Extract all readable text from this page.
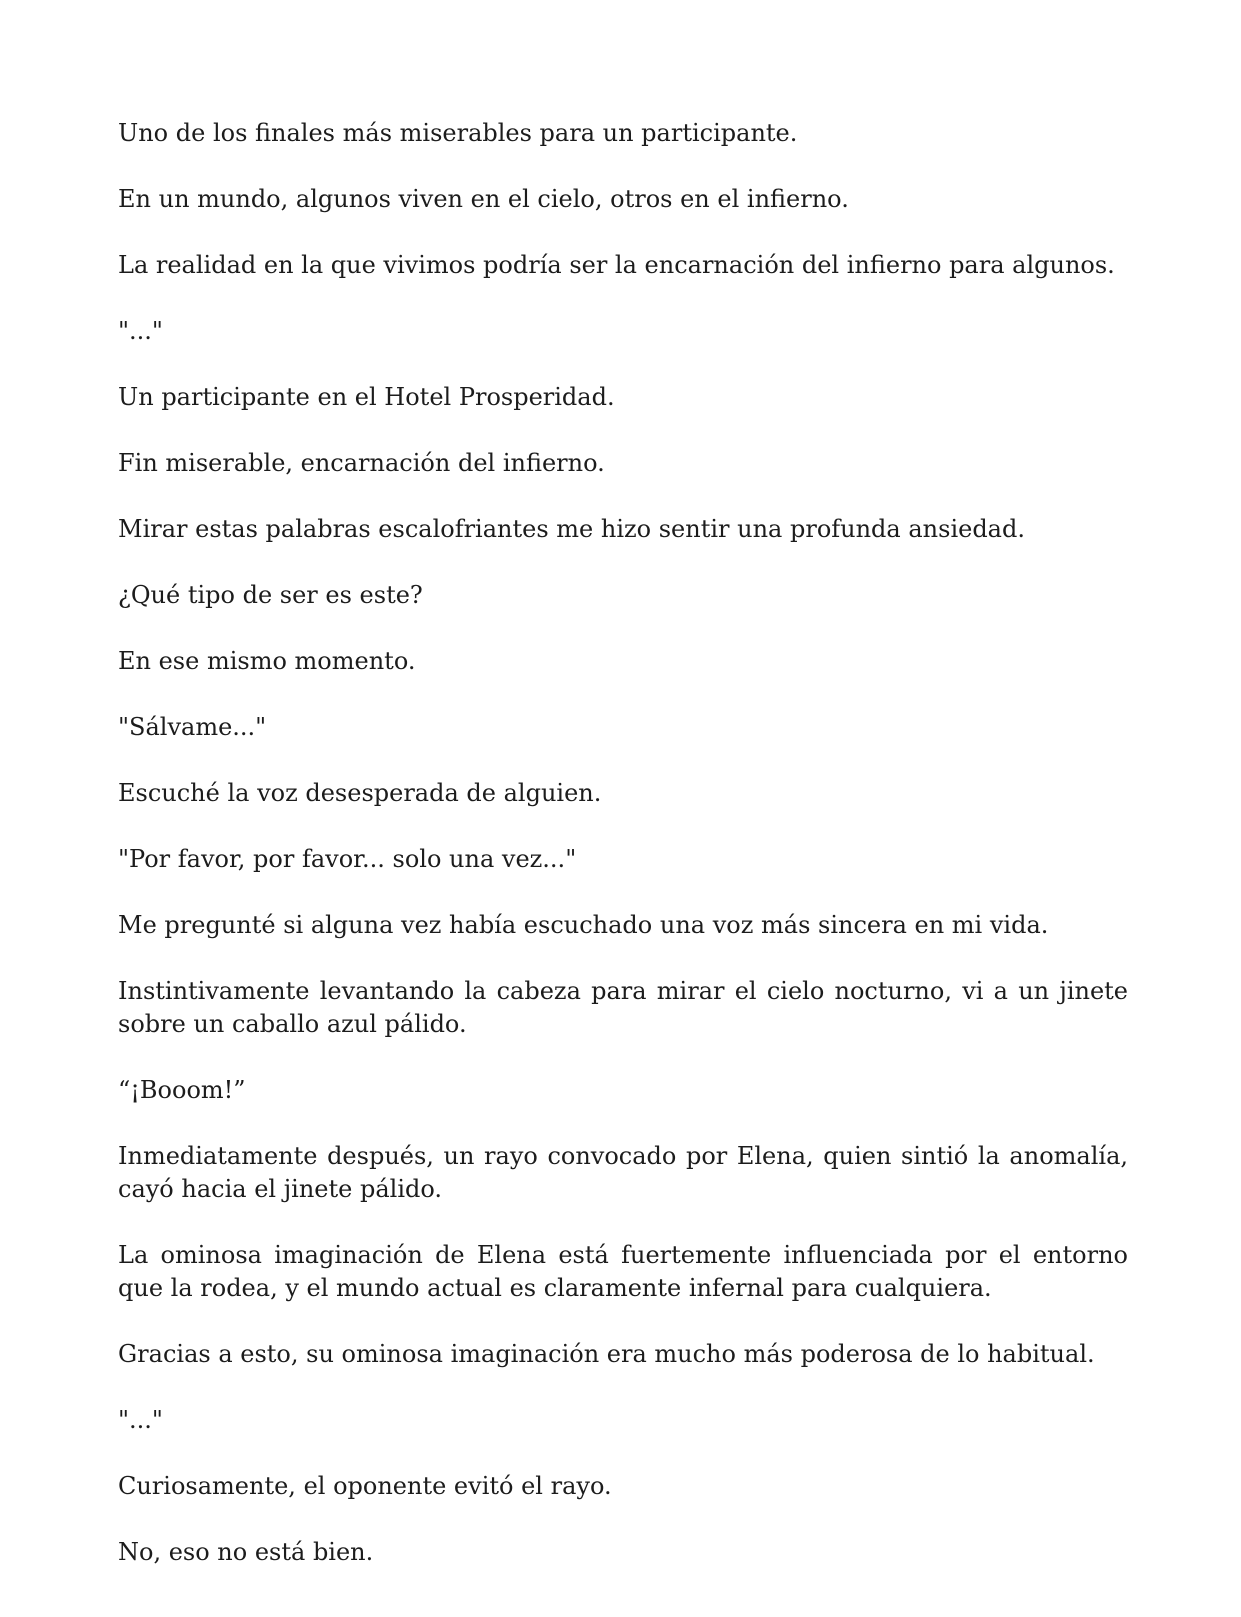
Uno de los finales más miserables para un participante.

En un mundo, algunos viven en el cielo, otros en el infierno.

La realidad en la que vivimos podría ser la encarnación del infierno para algunos.

"..."

Un participante en el Hotel Prosperidad.

Fin miserable, encarnación del infierno.

Mirar estas palabras escalofriantes me hizo sentir una profunda ansiedad.

¿Qué tipo de ser es este?

En ese mismo momento.

"Sálvame..."

Escuché la voz desesperada de alguien.

"Por favor, por favor... solo una vez..."

Me pregunté si alguna vez había escuchado una voz más sincera en mi vida.

Instintivamente levantando la cabeza para mirar el cielo nocturno, vi a un jinete sobre un caballo azul pálido.

“¡Booom!”

Inmediatamente después, un rayo convocado por Elena, quien sintió la anomalía, cayó hacia el jinete pálido.

La ominosa imaginación de Elena está fuertemente influenciada por el entorno que la rodea, y el mundo actual es claramente infernal para cualquiera.

Gracias a esto, su ominosa imaginación era mucho más poderosa de lo habitual.

"..."

Curiosamente, el oponente evitó el rayo.

No, eso no está bien.
